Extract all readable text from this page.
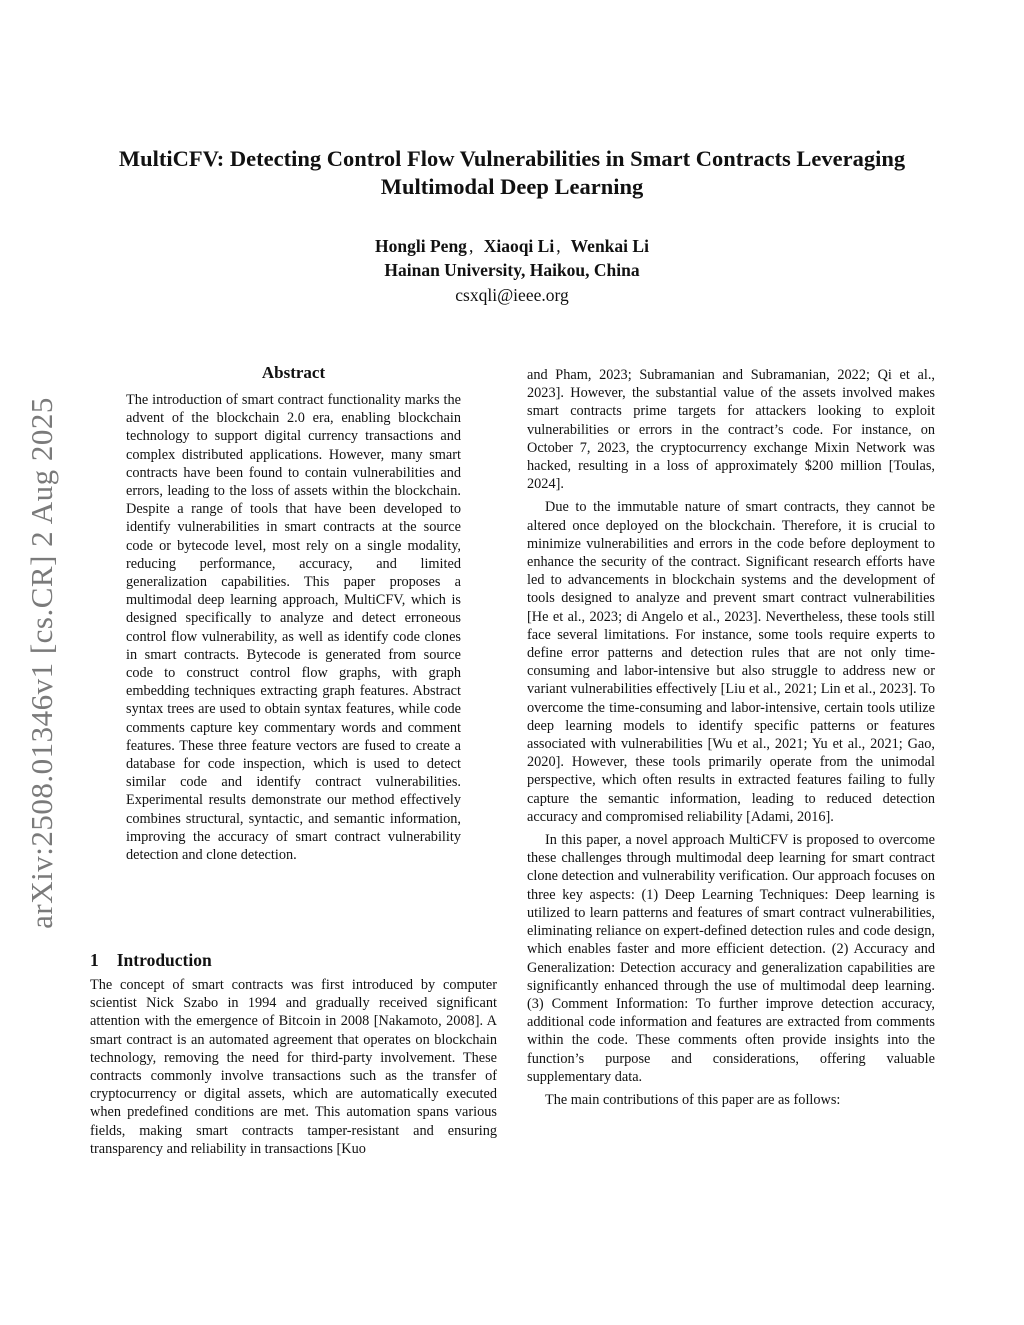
arXiv:2508.01346v1 [cs.CR] 2 Aug 2025
MultiCFV: Detecting Control Flow Vulnerabilities in Smart Contracts Leveraging Multimodal Deep Learning
Hongli Peng , Xiaoqi Li , Wenkai Li
Hainan University, Haikou, China
csxqli@ieee.org
Abstract

The introduction of smart contract functionality marks the advent of the blockchain 2.0 era, enabling blockchain technology to support digital currency transactions and complex distributed applications. However, many smart contracts have been found to contain vulnerabilities and errors, leading to the loss of assets within the blockchain. Despite a range of tools that have been developed to identify vulnerabilities in smart contracts at the source code or bytecode level, most rely on a single modality, reducing performance, accuracy, and limited generalization capabilities. This paper proposes a multimodal deep learning approach, MultiCFV, which is designed specifically to analyze and detect erroneous control flow vulnerability, as well as identify code clones in smart contracts. Bytecode is generated from source code to construct control flow graphs, with graph embedding techniques extracting graph features. Abstract syntax trees are used to obtain syntax features, while code comments capture key commentary words and comment features. These three feature vectors are fused to create a database for code inspection, which is used to detect similar code and identify contract vulnerabilities. Experimental results demonstrate our method effectively combines structural, syntactic, and semantic information, improving the accuracy of smart contract vulnerability detection and clone detection.

1 Introduction

The concept of smart contracts was first introduced by computer scientist Nick Szabo in 1994 and gradually received significant attention with the emergence of Bitcoin in 2008 [Nakamoto, 2008]. A smart contract is an automated agreement that operates on blockchain technology, removing the need for third-party involvement. These contracts commonly involve transactions such as the transfer of cryptocurrency or digital assets, which are automatically executed when predefined conditions are met. This automation spans various fields, making smart contracts tamper-resistant and ensuring transparency and reliability in transactions [Kuo

and Pham, 2023; Subramanian and Subramanian, 2022; Qi et al., 2023]. However, the substantial value of the assets involved makes smart contracts prime targets for attackers looking to exploit vulnerabilities or errors in the contract’s code. For instance, on October 7, 2023, the cryptocurrency exchange Mixin Network was hacked, resulting in a loss of approximately $200 million [Toulas, 2024].

Due to the immutable nature of smart contracts, they cannot be altered once deployed on the blockchain. Therefore, it is crucial to minimize vulnerabilities and errors in the code before deployment to enhance the security of the contract. Significant research efforts have led to advancements in blockchain systems and the development of tools designed to analyze and prevent smart contract vulnerabilities [He et al., 2023; di Angelo et al., 2023]. Nevertheless, these tools still face several limitations. For instance, some tools require experts to define error patterns and detection rules that are not only time-consuming and labor-intensive but also struggle to address new or variant vulnerabilities effectively [Liu et al., 2021; Lin et al., 2023]. To overcome the time-consuming and labor-intensive, certain tools utilize deep learning models to identify specific patterns or features associated with vulnerabilities [Wu et al., 2021; Yu et al., 2021; Gao, 2020]. However, these tools primarily operate from the unimodal perspective, which often results in extracted features failing to fully capture the semantic information, leading to reduced detection accuracy and compromised reliability [Adami, 2016].

In this paper, a novel approach MultiCFV is proposed to overcome these challenges through multimodal deep learning for smart contract clone detection and vulnerability verification. Our approach focuses on three key aspects: (1) Deep Learning Techniques: Deep learning is utilized to learn patterns and features of smart contract vulnerabilities, eliminating reliance on expert-defined detection rules and code design, which enables faster and more efficient detection. (2) Accuracy and Generalization: Detection accuracy and generalization capabilities are significantly enhanced through the use of multimodal deep learning. (3) Comment Information: To further improve detection accuracy, additional code information and features are extracted from comments within the code. These comments often provide insights into the function’s purpose and considerations, offering valuable supplementary data.

The main contributions of this paper are as follows:
